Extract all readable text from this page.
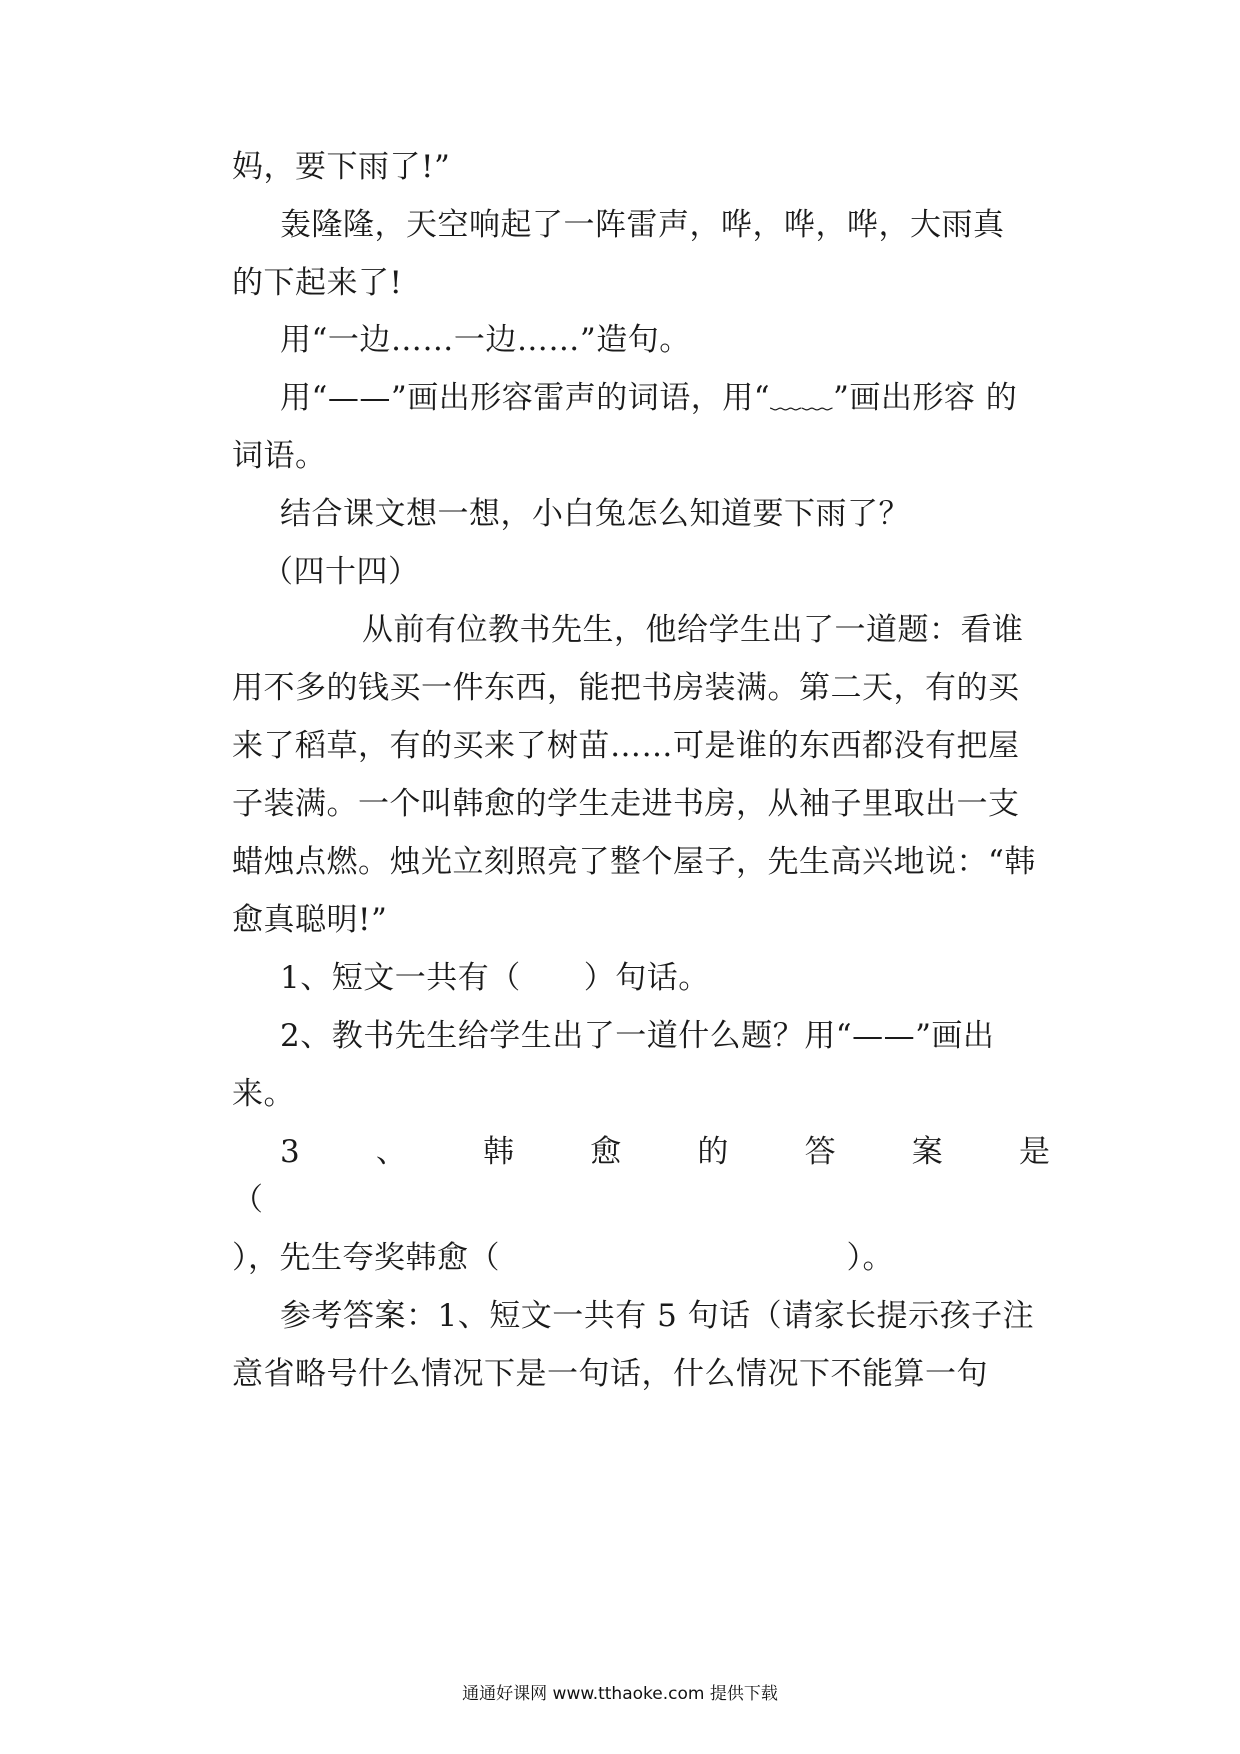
妈，要下雨了!”
轰隆隆，天空响起了一阵雷声，哗，哗，哗，大雨真
的下起来了!
用“一边……一边……”造句。
用“——”画出形容雷声的词语，用“﹏﹏”画出形容 的
词语。
结合课文想一想，小白兔怎么知道要下雨了？
（四十四）
从前有位教书先生，他给学生出了一道题：看谁
用不多的钱买一件东西，能把书房装满。第二天，有的买
来了稻草，有的买来了树苗……可是谁的东西都没有把屋
子装满。一个叫韩愈的学生走进书房，从袖子里取出一支
蜡烛点燃。烛光立刻照亮了整个屋子，先生高兴地说：“韩
愈真聪明!”
1、短文一共有（　　）句话。
2、教书先生给学生出了一道什么题？用“——”画出
来。
3 、 韩 愈 的 答 案 是
（
），先生夸奖韩愈（　　　　　　　　　　　）。
参考答案：1、短文一共有 5 句话（请家长提示孩子注
意省略号什么情况下是一句话，什么情况下不能算一句
通通好课网 www.tthaoke.com 提供下载
